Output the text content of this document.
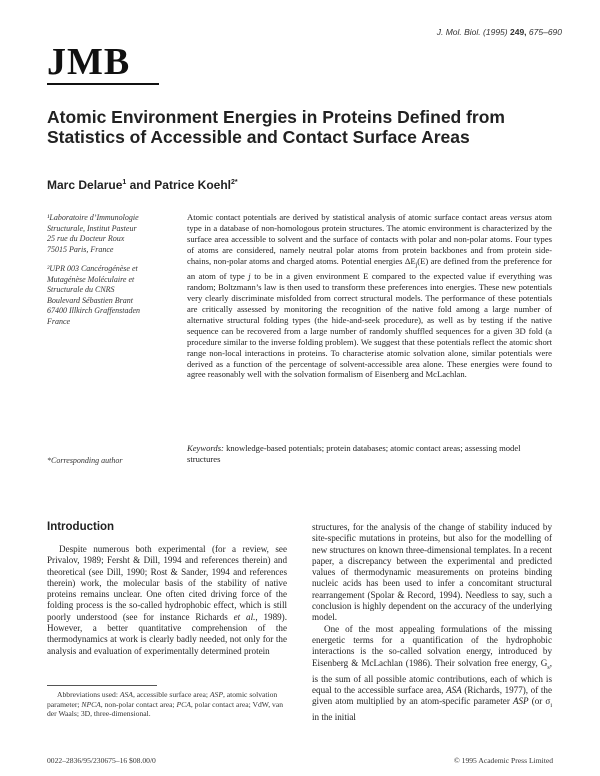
J. Mol. Biol. (1995) 249, 675–690
JMB
Atomic Environment Energies in Proteins Defined from Statistics of Accessible and Contact Surface Areas
Marc Delarue$^1$ and Patrice Koehl$^{2*}$
¹Laboratoire d’Immunologie
Structurale, Institut Pasteur
25 rue du Docteur Roux
75015 Paris, France
²UPR 003 Cancérogénèse et
Mutagénèse Moléculaire et
Structurale du CNRS
Boulevard Sébastien Brant
67400 Illkirch Graffenstaden
France
Atomic contact potentials are derived by statistical analysis of atomic surface contact areas versus atom type in a database of non-homologous protein structures. The atomic environment is characterized by the surface area accessible to solvent and the surface of contacts with polar and non-polar atoms. Four types of atoms are considered, namely neutral polar atoms from protein backbones and from protein side-chains, non-polar atoms and charged atoms. Potential energies $\Delta E_j(E)$ are defined from the preference for an atom of type j to be in a given environment E compared to the expected value if everything was random; Boltzmann’s law is then used to transform these preferences into energies. These new potentials very clearly discriminate misfolded from correct structural models. The performance of these potentials are critically assessed by monitoring the recognition of the native fold among a large number of alternative structural folding types (the hide-and-seek procedure), as well as by testing if the native sequence can be recovered from a large number of randomly shuffled sequences for a given 3D fold (a procedure similar to the inverse folding problem). We suggest that these potentials reflect the atomic short range non-local interactions in proteins. To characterise atomic solvation alone, similar potentials were derived as a function of the percentage of solvent-accessible area alone. These energies were found to agree reasonably well with the solvation formalism of Eisenberg and McLachlan.
Keywords: knowledge-based potentials; protein databases; atomic contact areas; assessing model structures
*Corresponding author
Introduction

Despite numerous both experimental (for a review, see Privalov, 1989; Fersht & Dill, 1994 and references therein) and theoretical (see Dill, 1990; Rost & Sander, 1994 and references therein) work, the molecular basis of the stability of native proteins remains unclear. One often cited driving force of the folding process is the so-called hydrophobic effect, which is still poorly understood (see for instance Richards et al., 1989). However, a better quantitative comprehension of the thermodynamics at work is clearly badly needed, not only for the analysis and evaluation of experimentally determined protein

structures, for the analysis of the change of stability induced by site-specific mutations in proteins, but also for the modelling of new structures on known three-dimensional templates. In a recent paper, a discrepancy between the experimental and predicted values of thermodynamic measurements on proteins binding nucleic acids has been used to infer a concomitant structural rearrangement (Spolar & Record, 1994). Needless to say, such a conclusion is highly dependent on the accuracy of the underlying model.

One of the most appealing formulations of the missing energetic terms for a quantification of the hydrophobic interactions is the so-called solvation energy, introduced by Eisenberg & McLachlan (1986). Their solvation free energy, $G_s$, is the sum of all possible atomic contributions, each of which is equal to the accessible surface area, ASA (Richards, 1977), of the given atom multiplied by an atom-specific parameter ASP (or $\sigma_i$ in the initial

Abbreviations used: ASA, accessible surface area; ASP, atomic solvation parameter; NPCA, non-polar contact area; PCA, polar contact area; VdW, van der Waals; 3D, three-dimensional.

0022–2836/95/230675–16 $08.00/0	© 1995 Academic Press Limited
